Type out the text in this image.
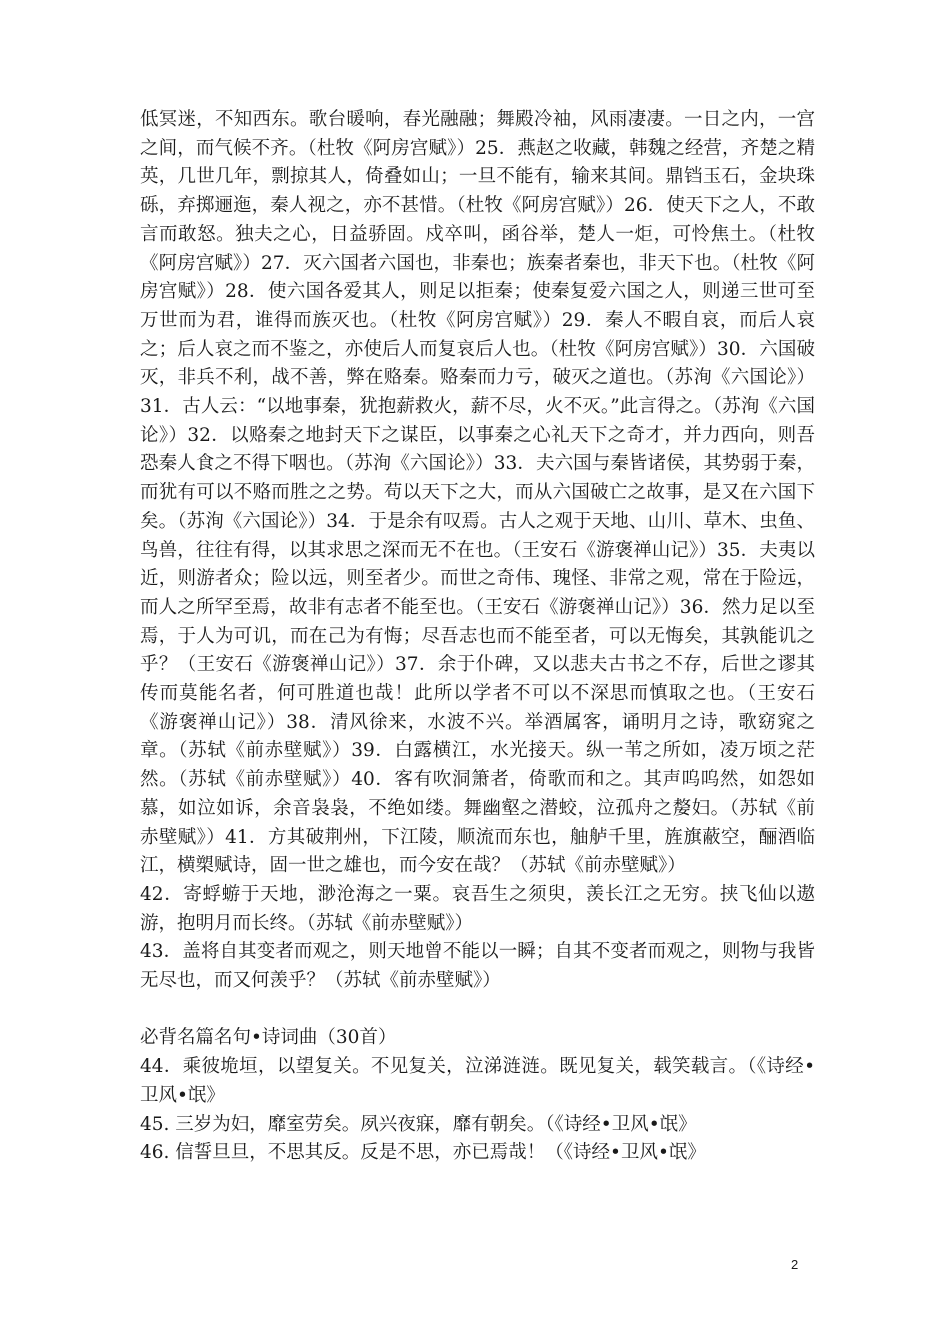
低冥迷，不知西东。歌台暖响，春光融融；舞殿冷袖，风雨凄凄。一日之内，一宫之间，而气候不齐。（杜牧《阿房宫赋》）25．燕赵之收藏，韩魏之经营，齐楚之精英，几世几年，剽掠其人，倚叠如山；一旦不能有，输来其间。鼎铛玉石，金块珠砾，弃掷逦迤，秦人视之，亦不甚惜。（杜牧《阿房宫赋》）26．使天下之人，不敢言而敢怒。独夫之心，日益骄固。戍卒叫，函谷举，楚人一炬，可怜焦土。（杜牧《阿房宫赋》）27．灭六国者六国也，非秦也；族秦者秦也，非天下也。（杜牧《阿房宫赋》）28．使六国各爱其人，则足以拒秦；使秦复爱六国之人，则递三世可至万世而为君，谁得而族灭也。（杜牧《阿房宫赋》）29．秦人不暇自哀，而后人哀之；后人哀之而不鉴之，亦使后人而复哀后人也。（杜牧《阿房宫赋》）30．六国破灭，非兵不利，战不善，弊在赂秦。赂秦而力亏，破灭之道也。（苏洵《六国论》）31．古人云：“以地事秦，犹抱薪救火，薪不尽，火不灭。”此言得之。（苏洵《六国论》）32．以赂秦之地封天下之谋臣，以事秦之心礼天下之奇才，并力西向，则吾恐秦人食之不得下咽也。（苏洵《六国论》）33．夫六国与秦皆诸侯，其势弱于秦，而犹有可以不赂而胜之之势。苟以天下之大，而从六国破亡之故事，是又在六国下矣。（苏洵《六国论》）34．于是余有叹焉。古人之观于天地、山川、草木、虫鱼、鸟兽，往往有得，以其求思之深而无不在也。（王安石《游褒禅山记》）35．夫夷以近，则游者众；险以远，则至者少。而世之奇伟、瑰怪、非常之观，常在于险远，而人之所罕至焉，故非有志者不能至也。（王安石《游褒禅山记》）36．然力足以至焉，于人为可讥，而在己为有悔；尽吾志也而不能至者，可以无悔矣，其孰能讥之乎？（王安石《游褒禅山记》）37．余于仆碑，又以悲夫古书之不存，后世之谬其传而莫能名者，何可胜道也哉！此所以学者不可以不深思而慎取之也。（王安石《游褒禅山记》）38．清风徐来，水波不兴。举酒属客，诵明月之诗，歌窈窕之章。（苏轼《前赤壁赋》）39．白露横江，水光接天。纵一苇之所如，凌万顷之茫然。（苏轼《前赤壁赋》）40．客有吹洞箫者，倚歌而和之。其声呜呜然，如怨如慕，如泣如诉，余音袅袅，不绝如缕。舞幽壑之潜蛟，泣孤舟之嫠妇。（苏轼《前赤壁赋》）41．方其破荆州，下江陵，顺流而东也，舳舻千里，旌旗蔽空，酾酒临江，横槊赋诗，固一世之雄也，而今安在哉？（苏轼《前赤壁赋》）

42．寄蜉蝣于天地，渺沧海之一粟。哀吾生之须臾，羡长江之无穷。挟飞仙以遨游，抱明月而长终。（苏轼《前赤壁赋》）

43．盖将自其变者而观之，则天地曾不能以一瞬；自其不变者而观之，则物与我皆无尽也，而又何羡乎？（苏轼《前赤壁赋》）

必背名篇名句•诗词曲（30首）

44．乘彼垝垣，以望复关。不见复关，泣涕涟涟。既见复关，载笑载言。（《诗经•卫风•氓》

45. 三岁为妇，靡室劳矣。夙兴夜寐，靡有朝矣。（《诗经•卫风•氓》

46. 信誓旦旦，不思其反。反是不思，亦已焉哉！（《诗经•卫风•氓》

2
